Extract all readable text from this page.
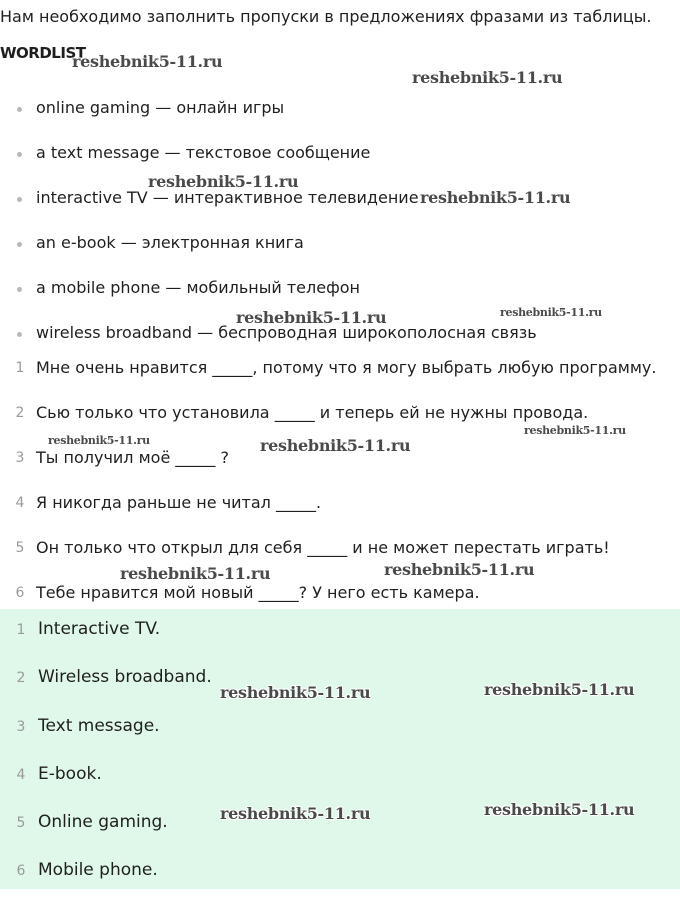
Нам необходимо заполнить пропуски в предложениях фразами из таблицы.
WORDLIST
online gaming — онлайн игры
a text message — текстовое сообщение
interactive TV — интерактивное телевидение
an e-book — электронная книга
a mobile phone — мобильный телефон
wireless broadband — беспроводная широкополосная связь
1 Мне очень нравится _____, потому что я могу выбрать любую программу.
2 Сью только что установила _____ и теперь ей не нужны провода.
3 Ты получил моё _____ ?
4 Я никогда раньше не читал _____.
5 Он только что открыл для себя _____ и не может перестать играть!
6 Тебе нравится мой новый _____? У него есть камера.
1 Interactive TV.
2 Wireless broadband.
3 Text message.
4 E-book.
5 Online gaming.
6 Mobile phone.
reshebnik5-11.ru
reshebnik5-11.ru
reshebnik5-11.ru
reshebnik5-11.ru
reshebnik5-11.ru	reshebnik5-11.ru
reshebnik5-11.ru	reshebnik5-11.ru
reshebnik5-11.ru
reshebnik5-11.ru	reshebnik5-11.ru
reshebnik5-11.ru	reshebnik5-11.ru
reshebnik5-11.ru	reshebnik5-11.ru
